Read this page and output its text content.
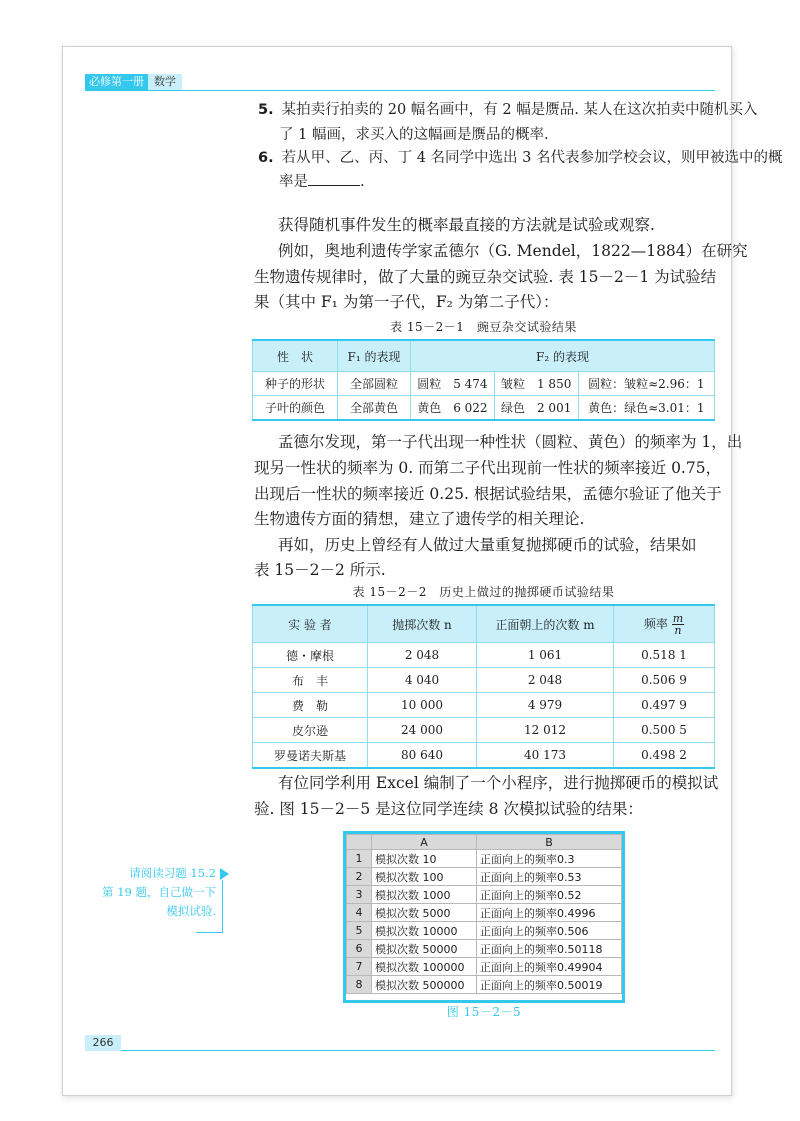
必修第一册 数学
5. 某拍卖行拍卖的 20 幅名画中，有 2 幅是赝品. 某人在这次拍卖中随机买入
了 1 幅画，求买入的这幅画是赝品的概率.
6. 若从甲、乙、丙、丁 4 名同学中选出 3 名代表参加学校会议，则甲被选中的概
率是	.
获得随机事件发生的概率最直接的方法就是试验或观察.
例如，奥地利遗传学家孟德尔（G. Mendel，1822—1884）在研究
生物遗传规律时，做了大量的豌豆杂交试验. 表 15－2－1 为试验结
果（其中 F₁ 为第一子代，F₂ 为第二子代）：
表 15－2－1　豌豆杂交试验结果
性　状	F₁ 的表现	F₂ 的表现		
种子的形状	全部圆粒	圆粒　5 474	皱粒　1 850	圆粒：皱粒≈2.96：1
子叶的颜色	全部黄色	黄色　6 022	绿色　2 001	黄色：绿色≈3.01：1
孟德尔发现，第一子代出现一种性状（圆粒、黄色）的频率为 1，出
现另一性状的频率为 0. 而第二子代出现前一性状的频率接近 0.75，
出现后一性状的频率接近 0.25. 根据试验结果，孟德尔验证了他关于
生物遗传方面的猜想，建立了遗传学的相关理论.
再如，历史上曾经有人做过大量重复抛掷硬币的试验，结果如
表 15－2－2 所示.
表 15－2－2　历史上做过的抛掷硬币试验结果
实 验 者	抛掷次数 n	正面朝上的次数 m	频率 $\frac{m}{n}$

德・摩根	2 048	1 061	0.518 1
布　丰	4 040	2 048	0.506 9
费　勒	10 000	4 979	0.497 9
皮尔逊	24 000	12 012	0.500 5
罗曼诺夫斯基	80 640	40 173	0.498 2
有位同学利用 Excel 编制了一个小程序，进行抛掷硬币的模拟试
验. 图 15－2－5 是这位同学连续 8 次模拟试验的结果：
请阅读习题 15.2
第 19 题，自己做一下
模拟试验.
	A	B
1	模拟次数 10	正面向上的频率0.3
2	模拟次数 100	正面向上的频率0.53
3	模拟次数 1000	正面向上的频率0.52
4	模拟次数 5000	正面向上的频率0.4996
5	模拟次数 10000	正面向上的频率0.506
6	模拟次数 50000	正面向上的频率0.50118
7	模拟次数 100000	正面向上的频率0.49904
8	模拟次数 500000	正面向上的频率0.50019
图 15－2－5
266
